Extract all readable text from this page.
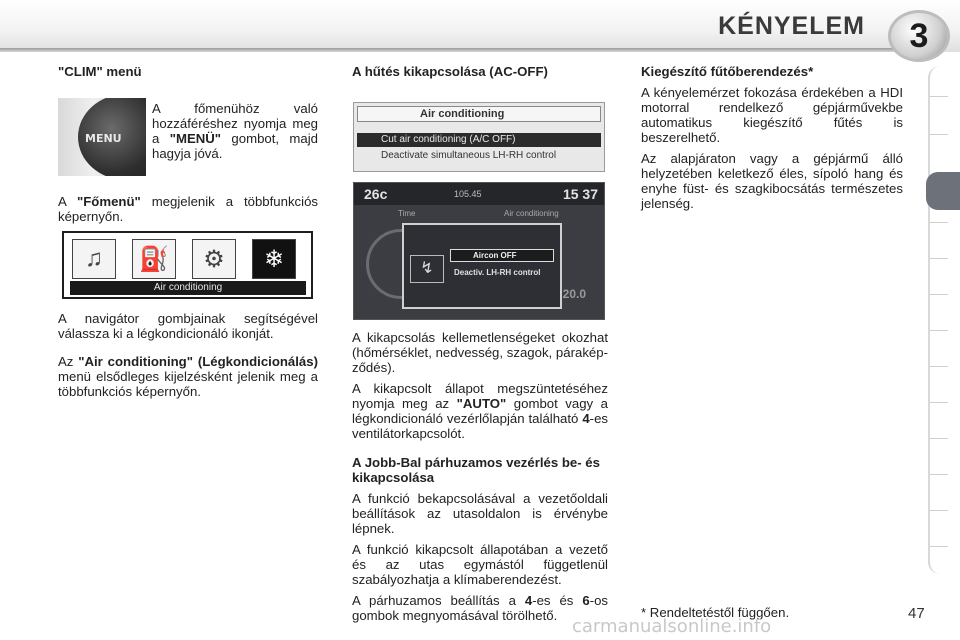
KÉNYELEM	3
"CLIM" menü
MENU
A főmenühöz való hozzáféréshez nyomja meg a "MENÜ" gombot, majd hagyja jóvá.

A "Főmenü" megjelenik a többfunkciós képernyőn.

♫	⛽	⚙	❄
Air conditioning

A navigátor gombjainak segítségével válassza ki a légkondicionáló ikonját.

Az "Air conditioning" (Légkondicionálás) menü elsődleges kijelzésként jelenik meg a többfunkciós képernyőn.

A hűtés kikapcsolása (AC-OFF)
Air conditioning
Cut air conditioning (A/C OFF)
Deactivate simultaneous LH-RH control
26c	105.45	15 37
Time	Air conditioning
20.0
↯
Aircon OFF
Deactiv. LH-RH control

A kikapcsolás kellemetlenségeket okozhat (hőmérséklet, nedvesség, szagok, páraképződés).

A kikapcsolt állapot megszüntetéséhez nyomja meg az "AUTO" gombot vagy a légkondicionáló vezérlőlapján található 4-es ventilátorkapcsolót.

A Jobb-Bal párhuzamos vezérlés be- és kikapcsolása

A funkció bekapcsolásával a vezetőoldali beállítások az utasoldalon is érvénybe lépnek.

A funkció kikapcsolt állapotában a vezető és az utas egymástól függetlenül szabályozhatja a klímaberendezést.

A párhuzamos beállítás a 4-es és 6-os gombok megnyomásával törölhető.

Kiegészítő fűtőberendezés*

A kényelemérzet fokozása érdekében a HDI motorral rendelkező gépjárművekbe automatikus kiegészítő fűtés is beszerelhető.

Az alapjáraton vagy a gépjármű álló helyzetében keletkező éles, sípoló hang és enyhe füst- és szagkibocsátás természetes jelenség.

* Rendeltetéstől függően.	47
carmanualsonline.info
